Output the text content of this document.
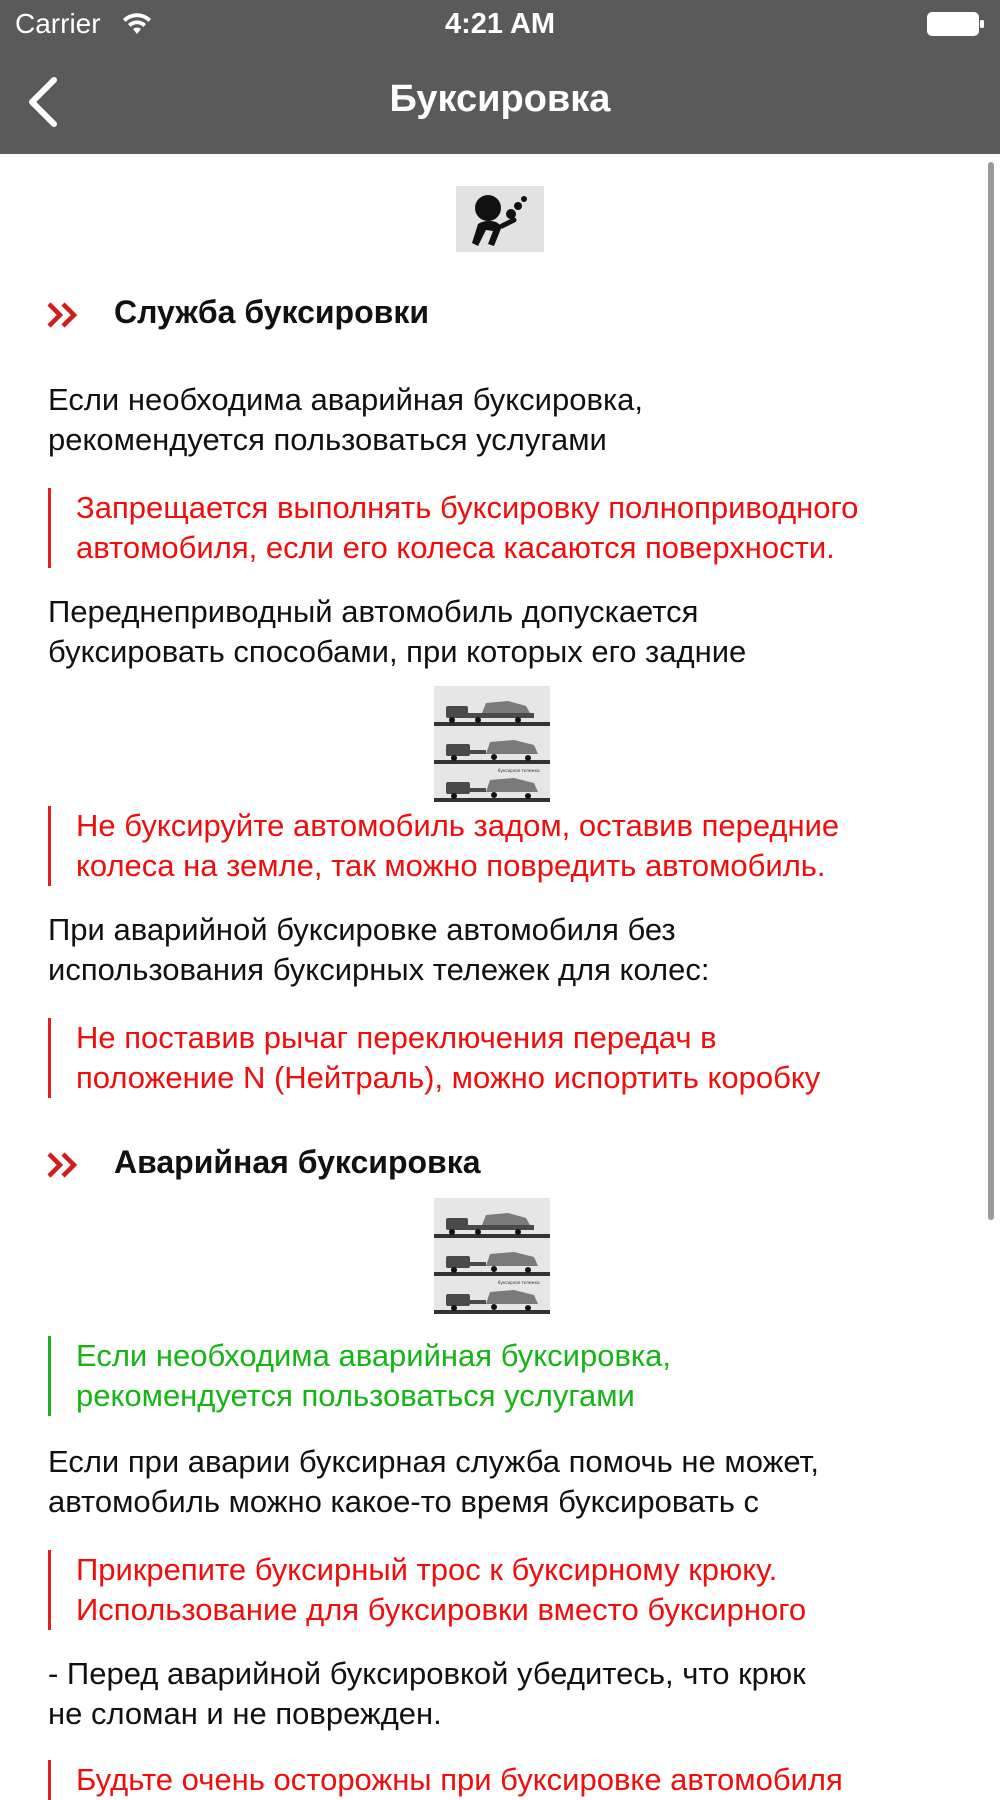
Carrier	4:21 AM
Буксировка
Служба буксировки
Если необходима аварийная буксировка,
рекомендуется пользоваться услугами
Запрещается выполнять буксировку полноприводного
автомобиля, если его колеса касаются поверхности.
Переднеприводный автомобиль допускается
буксировать способами, при которых его задние
буксирная тележка
Не буксируйте автомобиль задом, оставив передние
колеса на земле, так можно повредить автомобиль.
При аварийной буксировке автомобиля без
использования буксирных тележек для колес:
Не поставив рычаг переключения передач в
положение N (Нейтраль), можно испортить коробку
Аварийная буксировка
буксирная тележка
Если необходима аварийная буксировка,
рекомендуется пользоваться услугами
Если при аварии буксирная служба помочь не может,
автомобиль можно какое-то время буксировать с
Прикрепите буксирный трос к буксирному крюку.
Использование для буксировки вместо буксирного
- Перед аварийной буксировкой убедитесь, что крюк
не сломан и не поврежден.
Будьте очень осторожны при буксировке автомобиля
